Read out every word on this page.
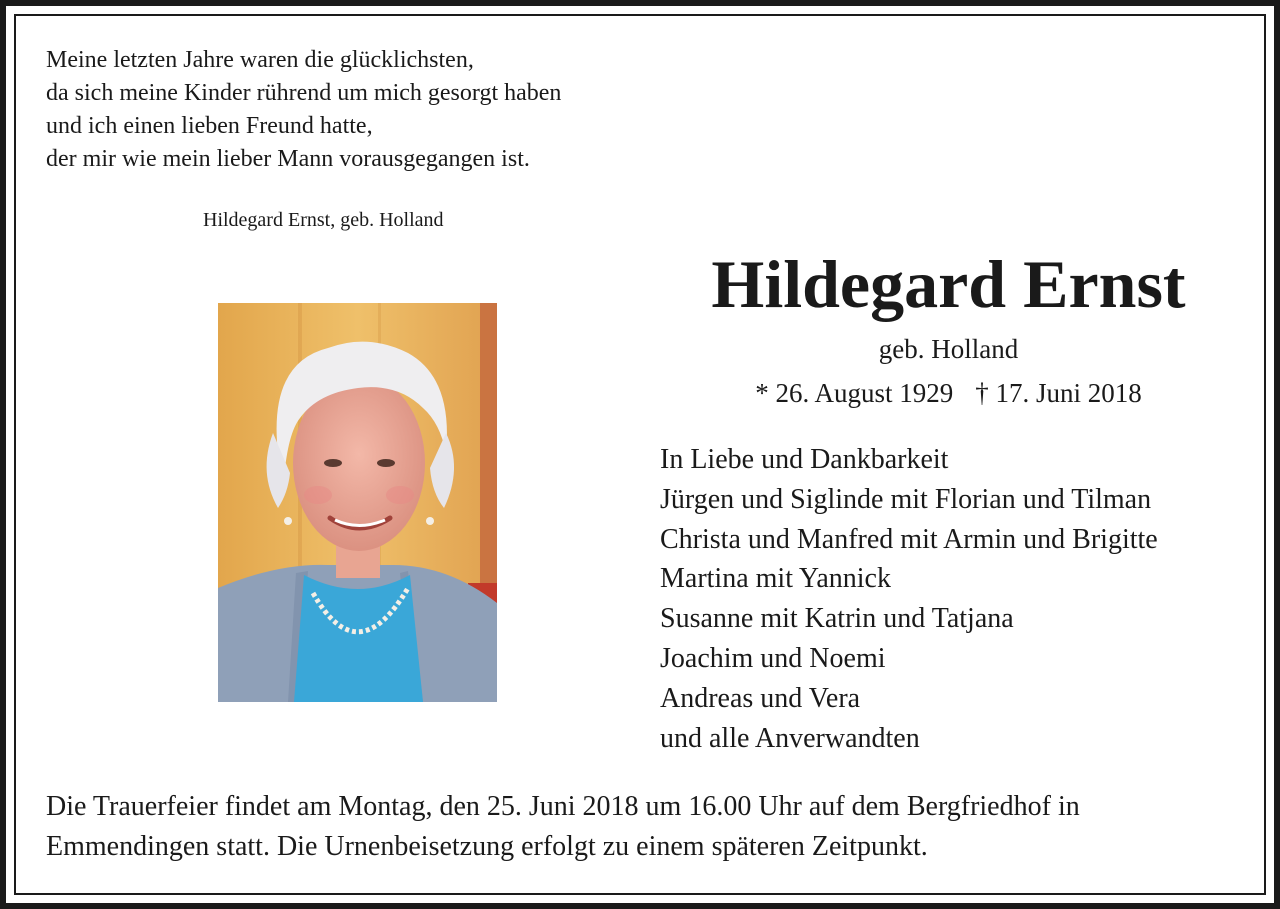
Meine letzten Jahre waren die glücklichsten,
da sich meine Kinder rührend um mich gesorgt haben
und ich einen lieben Freund hatte,
der mir wie mein lieber Mann vorausgegangen ist.
Hildegard Ernst, geb. Holland
Hildegard Ernst
geb. Holland
* 26. August 1929 † 17. Juni 2018
In Liebe und Dankbarkeit
Jürgen und Siglinde mit Florian und Tilman
Christa und Manfred mit Armin und Brigitte
Martina mit Yannick
Susanne mit Katrin und Tatjana
Joachim und Noemi
Andreas und Vera
und alle Anverwandten
Die Trauerfeier findet am Montag, den 25. Juni 2018 um 16.00 Uhr auf dem Bergfriedhof in
Emmendingen statt. Die Urnenbeisetzung erfolgt zu einem späteren Zeitpunkt.
